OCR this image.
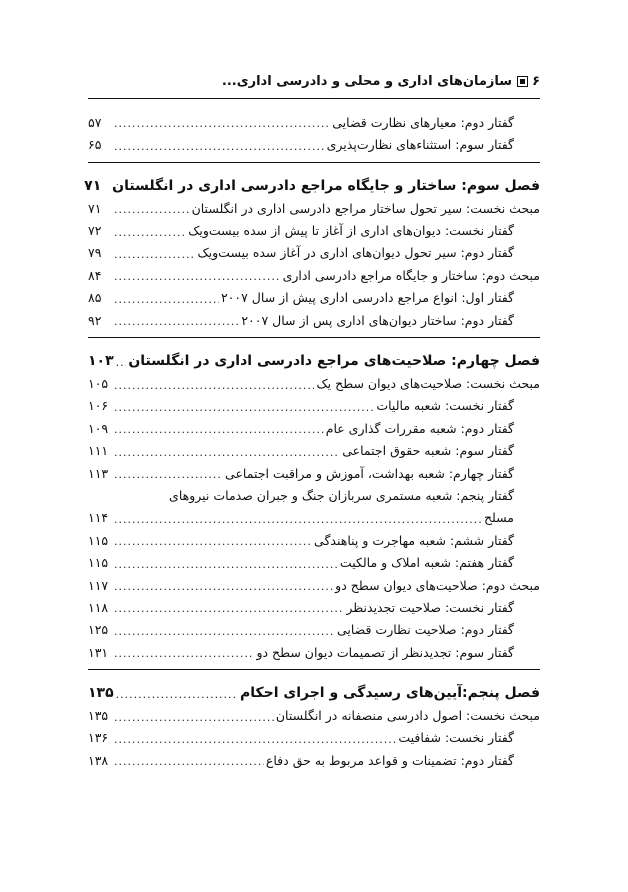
۶
سازمان‌های اداری و محلی و دادرسی اداری...
گفتار دوم: معیارهای نظارت قضایی
.....
۵۷
گفتار سوم: استثناءهای نظارت‌پذیری
.....
۶۵
فصل سوم: ساختار و جایگاه مراجع دادرسی اداری در انگلستان
۷۱
مبحث نخست: سیر تحول ساختار مراجع دادرسی اداری در انگلستان
.....
۷۱
گفتار نخست: دیوان‌های اداری از آغاز تا پیش از سده بیست‌ویک
.....
۷۲
گفتار دوم: سیر تحول دیوان‌های اداری در آغاز سده بیست‌ویک
.....
۷۹
مبحث دوم: ساختار و جایگاه مراجع دادرسی اداری
.....
۸۴
گفتار اول: انواع مراجع دادرسی اداری پیش از سال ۲۰۰۷
.....
۸۵
گفتار دوم: ساختار دیوان‌های اداری پس از سال ۲۰۰۷
.....
۹۲
فصل چهارم: صلاحیت‌های مراجع دادرسی اداری در انگلستان
.....
۱۰۳
مبحث نخست: صلاحیت‌های دیوان سطح یک
.....
۱۰۵
گفتار نخست: شعبه مالیات
.....
۱۰۶
گفتار دوم: شعبه مقررات گذاری عام
.....
۱۰۹
گفتار سوم: شعبه حقوق اجتماعی
.....
۱۱۱
گفتار چهارم: شعبه بهداشت، آموزش و مراقبت اجتماعی
.....
۱۱۳
گفتار پنجم: شعبه مستمری سربازان جنگ و جبران صدمات نیروهای
مسلح
.....
۱۱۴
گفتار ششم: شعبه مهاجرت و پناهندگی
.....
۱۱۵
گفتار هفتم: شعبه املاک و مالکیت
.....
۱۱۵
مبحث دوم: صلاحیت‌های دیوان سطح دو
.....
۱۱۷
گفتار نخست: صلاحیت تجدیدنظر
.....
۱۱۸
گفتار دوم: صلاحیت نظارت قضایی
.....
۱۲۵
گفتار سوم: تجدیدنظر از تصمیمات دیوان سطح دو
.....
۱۳۱
فصل پنجم:آیین‌های رسیدگی و اجرای احکام
.....
۱۳۵
مبحث نخست: اصول دادرسی منصفانه در انگلستان
.....
۱۳۵
گفتار نخست: شفافیت
.....
۱۳۶
گفتار دوم: تضمینات و قواعد مربوط به حق دفاع
.....
۱۳۸
